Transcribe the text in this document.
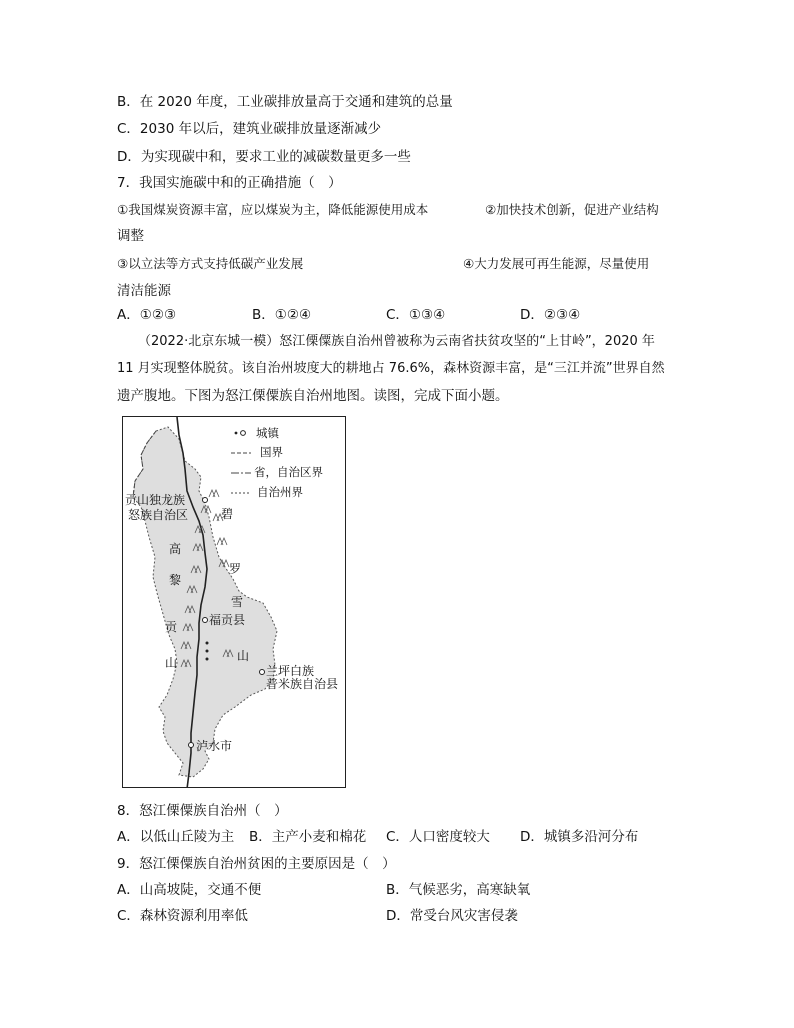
B．在 2020 年度，工业碳排放量高于交通和建筑的总量
C．2030 年以后，建筑业碳排放量逐渐减少
D．为实现碳中和，要求工业的减碳数量更多一些
7．我国实施碳中和的正确措施（　）
①我国煤炭资源丰富，应以煤炭为主，降低能源使用成本	②加快技术创新，促进产业结构
调整
③以立法等方式支持低碳产业发展	④大力发展可再生能源，尽量使用
清洁能源
A．①②③	B．①②④	C．①③④	D．②③④
（2022·北京东城一模）怒江傈僳族自治州曾被称为云南省扶贫攻坚的“上甘岭”，2020 年
11 月实现整体脱贫。该自治州坡度大的耕地占 76.6%，森林资源丰富，是“三江并流”世界自然
遗产腹地。下图为怒江傈僳族自治州地图。读图，完成下面小题。
城镇
国界
省，自治区界
自治州界
贡山独龙族
怒族自治区
福贡县
兰坪白族
普米族自治县
泸水市
高
黎
贡
山
碧
罗
雪
山
8．怒江傈僳族自治州（　）
A．以低山丘陵为主 B．主产小麦和棉花 C．人口密度较大 D．城镇多沿河分布
9．怒江傈僳族自治州贫困的主要原因是（　）
A．山高坡陡，交通不便	B．气候恶劣，高寒缺氧
C．森林资源利用率低	D．常受台风灾害侵袭
